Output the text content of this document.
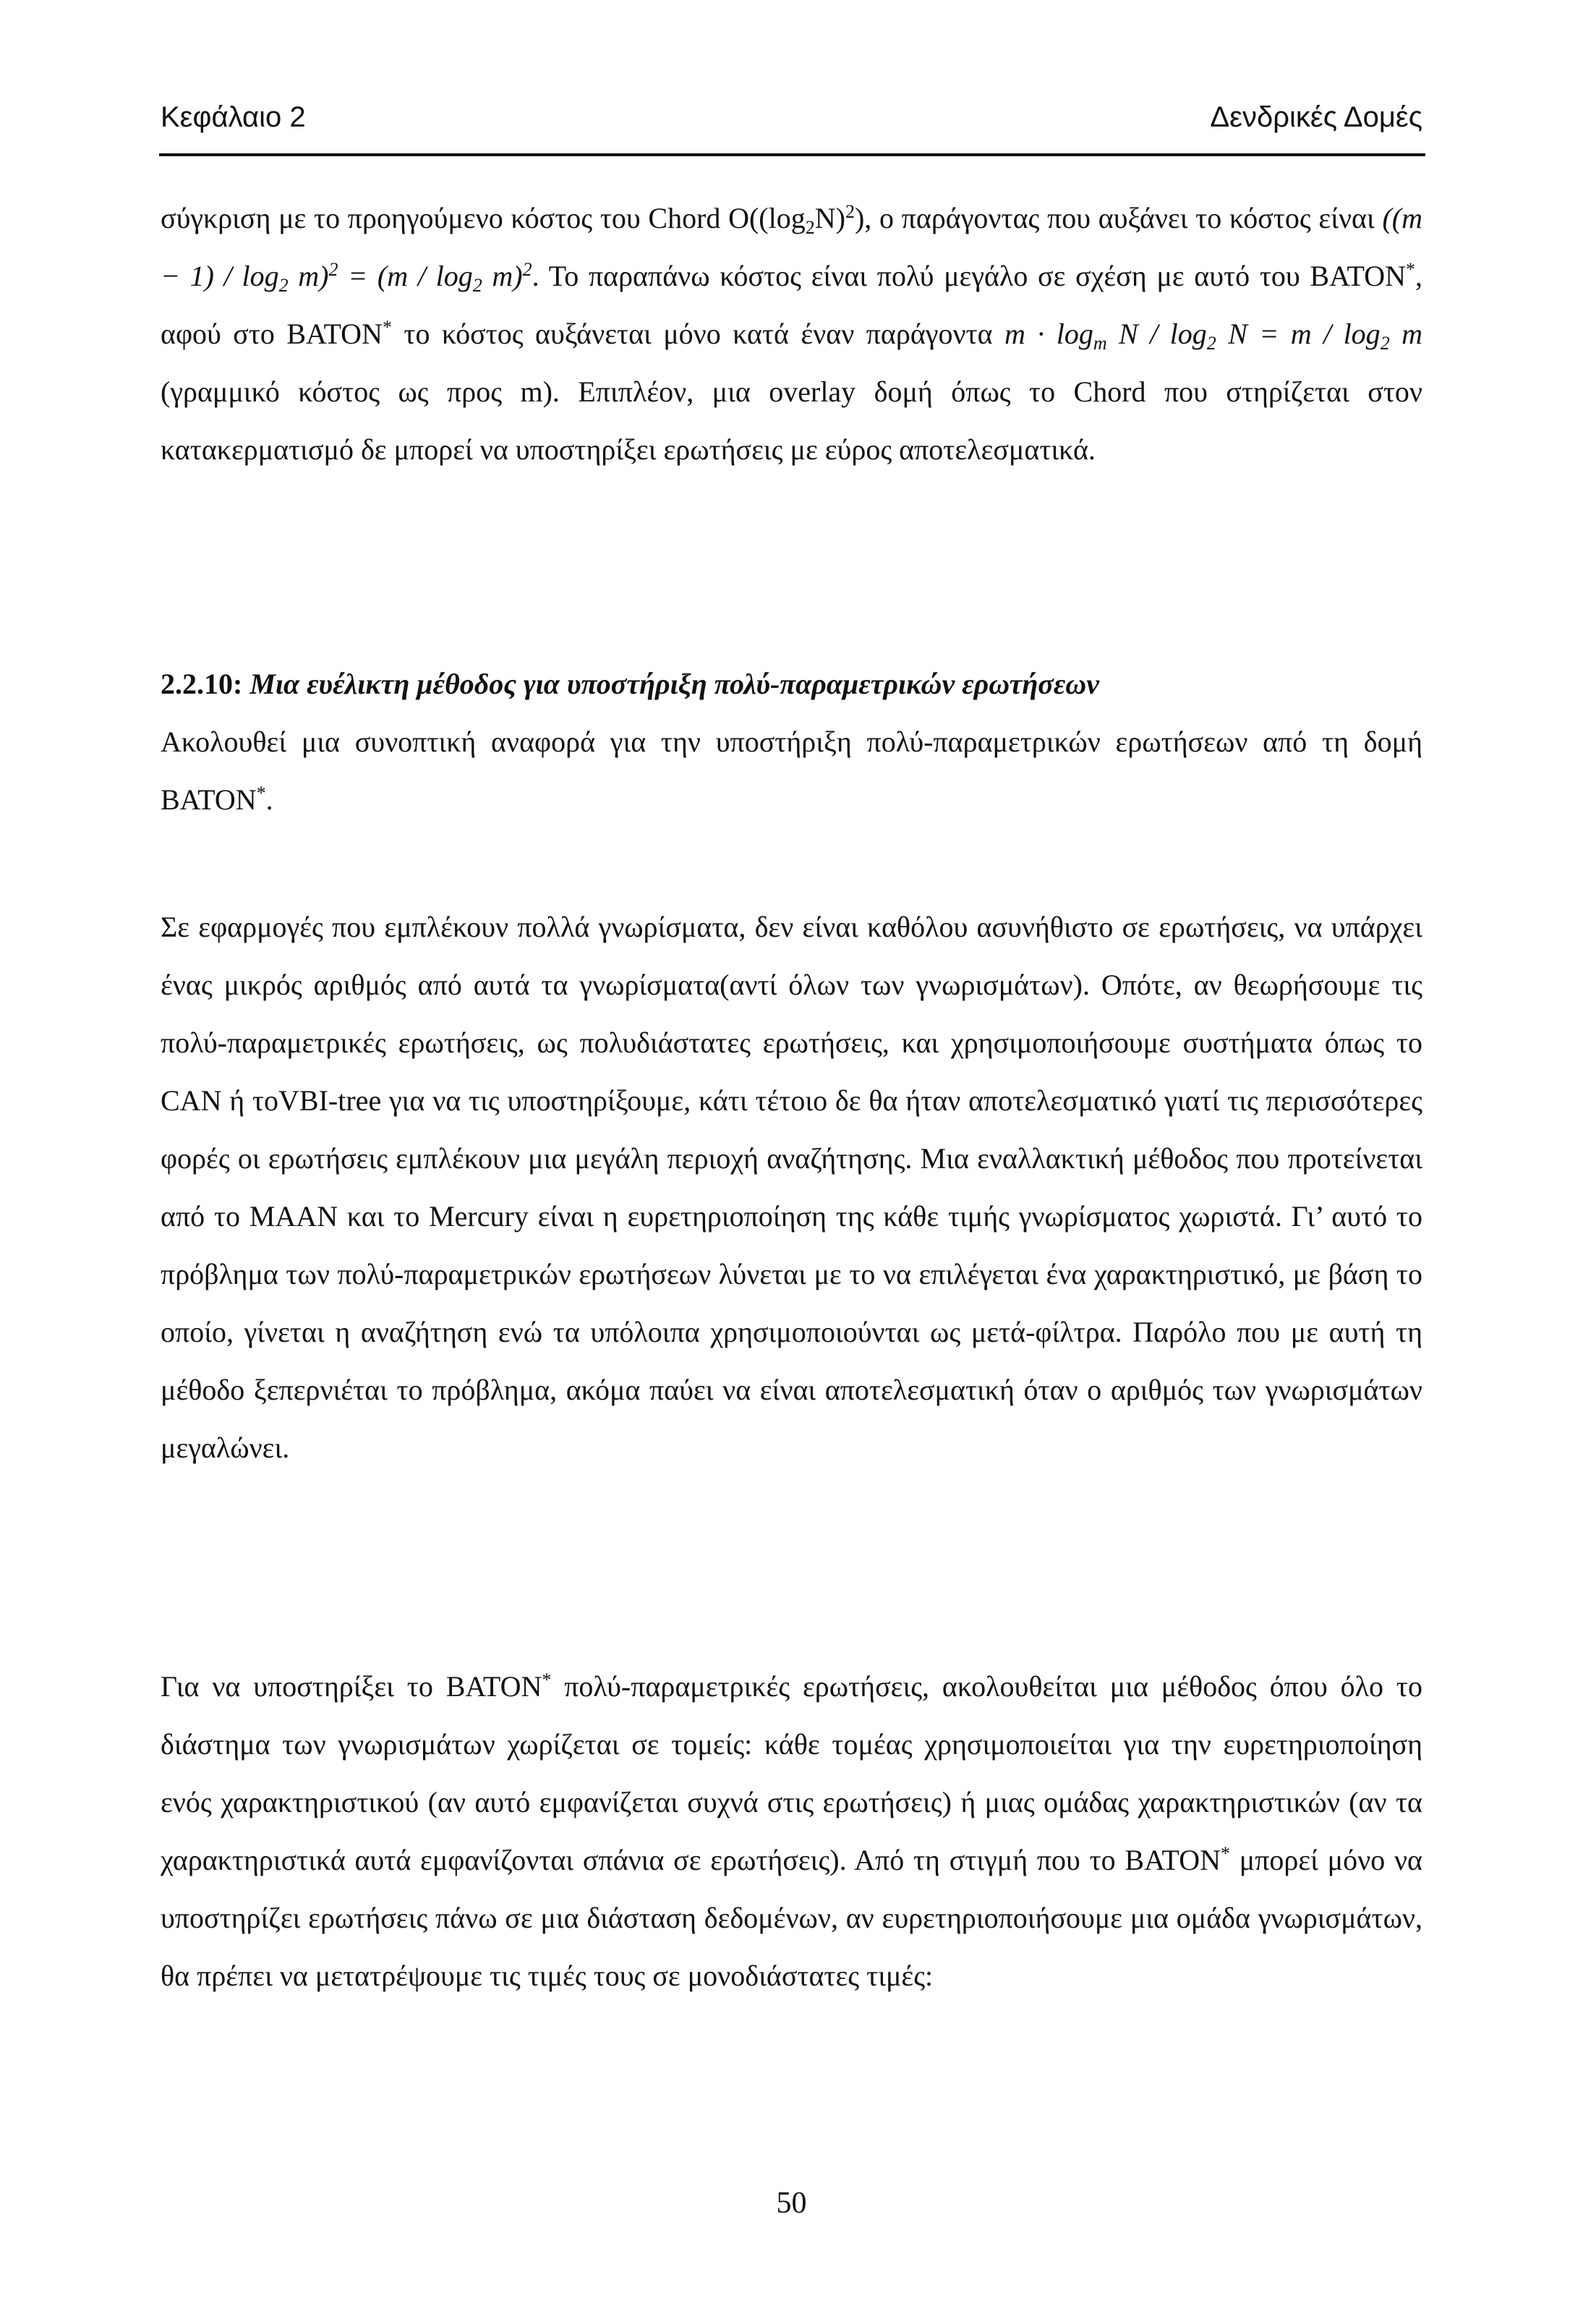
Κεφάλαιο 2	Δενδρικές Δομές

σύγκριση με το προηγούμενο κόστος του Chord $O((\log_2N)^2)$, ο παράγοντας που αυξάνει το κόστος είναι $((m - 1) / \log_2 m)^2 = (m / \log_2 m)^2$. Το παραπάνω κόστος είναι πολύ μεγάλο σε σχέση με αυτό του BATON*, αφού στο BATON* το κόστος αυξάνεται μόνο κατά έναν παράγοντα $m \cdot \log_m N / \log_2 N = m / \log_2 m$ (γραμμικό κόστος ως προς m). Επιπλέον, μια overlay δομή όπως το Chord που στηρίζεται στον κατακερματισμό δε μπορεί να υποστηρίξει ερωτήσεις με εύρος αποτελεσματικά.

2.2.10: Μια ευέλικτη μέθοδος για υποστήριξη πολύ-παραμετρικών ερωτήσεων

Ακολουθεί μια συνοπτική αναφορά για την υποστήριξη πολύ-παραμετρικών ερωτήσεων από τη δομή BATON*.

Σε εφαρμογές που εμπλέκουν πολλά γνωρίσματα, δεν είναι καθόλου ασυνήθιστο σε ερωτήσεις, να υπάρχει ένας μικρός αριθμός από αυτά τα γνωρίσματα(αντί όλων των γνωρισμάτων). Οπότε, αν θεωρήσουμε τις πολύ-παραμετρικές ερωτήσεις, ως πολυδιάστατες ερωτήσεις, και χρησιμοποιήσουμε συστήματα όπως το CAN ή τοVBI-tree για να τις υποστηρίξουμε, κάτι τέτοιο δε θα ήταν αποτελεσματικό γιατί τις περισσότερες φορές οι ερωτήσεις εμπλέκουν μια μεγάλη περιοχή αναζήτησης. Μια εναλλακτική μέθοδος που προτείνεται από το MAAN και το Mercury είναι η ευρετηριοποίηση της κάθε τιμής γνωρίσματος χωριστά. Γι’ αυτό το πρόβλημα των πολύ-παραμετρικών ερωτήσεων λύνεται με το να επιλέγεται ένα χαρακτηριστικό, με βάση το οποίο, γίνεται η αναζήτηση ενώ τα υπόλοιπα χρησιμοποιούνται ως μετά-φίλτρα. Παρόλο που με αυτή τη μέθοδο ξεπερνιέται το πρόβλημα, ακόμα παύει να είναι αποτελεσματική όταν ο αριθμός των γνωρισμάτων μεγαλώνει.

Για να υποστηρίξει το BATON* πολύ-παραμετρικές ερωτήσεις, ακολουθείται μια μέθοδος όπου όλο το διάστημα των γνωρισμάτων χωρίζεται σε τομείς: κάθε τομέας χρησιμοποιείται για την ευρετηριοποίηση ενός χαρακτηριστικού (αν αυτό εμφανίζεται συχνά στις ερωτήσεις) ή μιας ομάδας χαρακτηριστικών (αν τα χαρακτηριστικά αυτά εμφανίζονται σπάνια σε ερωτήσεις). Από τη στιγμή που το BATON* μπορεί μόνο να υποστηρίζει ερωτήσεις πάνω σε μια διάσταση δεδομένων, αν ευρετηριοποιήσουμε μια ομάδα γνωρισμάτων, θα πρέπει να μετατρέψουμε τις τιμές τους σε μονοδιάστατες τιμές:

50
